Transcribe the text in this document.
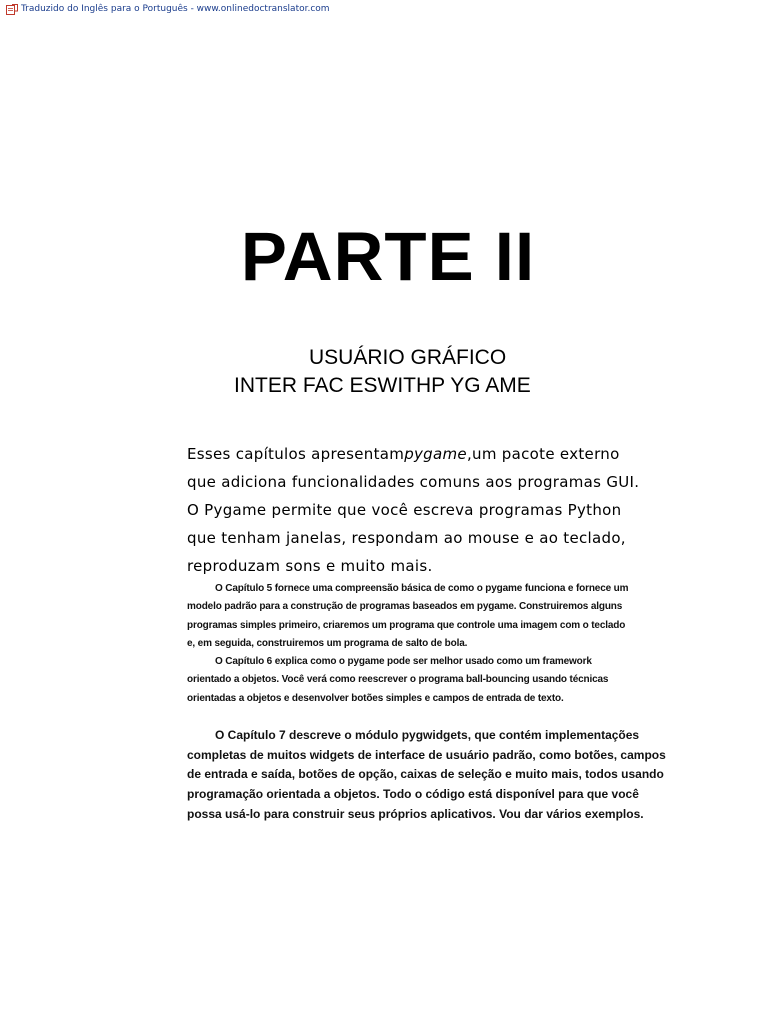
Traduzido do Inglês para o Português - www.onlinedoctranslator.com
PARTE II
USUÁRIO GRÁFICO
INTER FAC ESWITHP YG AME
Esses capítulos apresentampygame,um pacote externo
que adiciona funcionalidades comuns aos programas GUI.
O Pygame permite que você escreva programas Python
que tenham janelas, respondam ao mouse e ao teclado,
reproduzam sons e muito mais.
O Capítulo 5 fornece uma compreensão básica de como o pygame funciona e fornece um
modelo padrão para a construção de programas baseados em pygame. Construiremos alguns
programas simples primeiro, criaremos um programa que controle uma imagem com o teclado
e, em seguida, construiremos um programa de salto de bola.
O Capítulo 6 explica como o pygame pode ser melhor usado como um framework
orientado a objetos. Você verá como reescrever o programa ball-bouncing usando técnicas
orientadas a objetos e desenvolver botões simples e campos de entrada de texto.
O Capítulo 7 descreve o módulo pygwidgets, que contém implementações
completas de muitos widgets de interface de usuário padrão, como botões, campos
de entrada e saída, botões de opção, caixas de seleção e muito mais, todos usando
programação orientada a objetos. Todo o código está disponível para que você
possa usá-lo para construir seus próprios aplicativos. Vou dar vários exemplos.
